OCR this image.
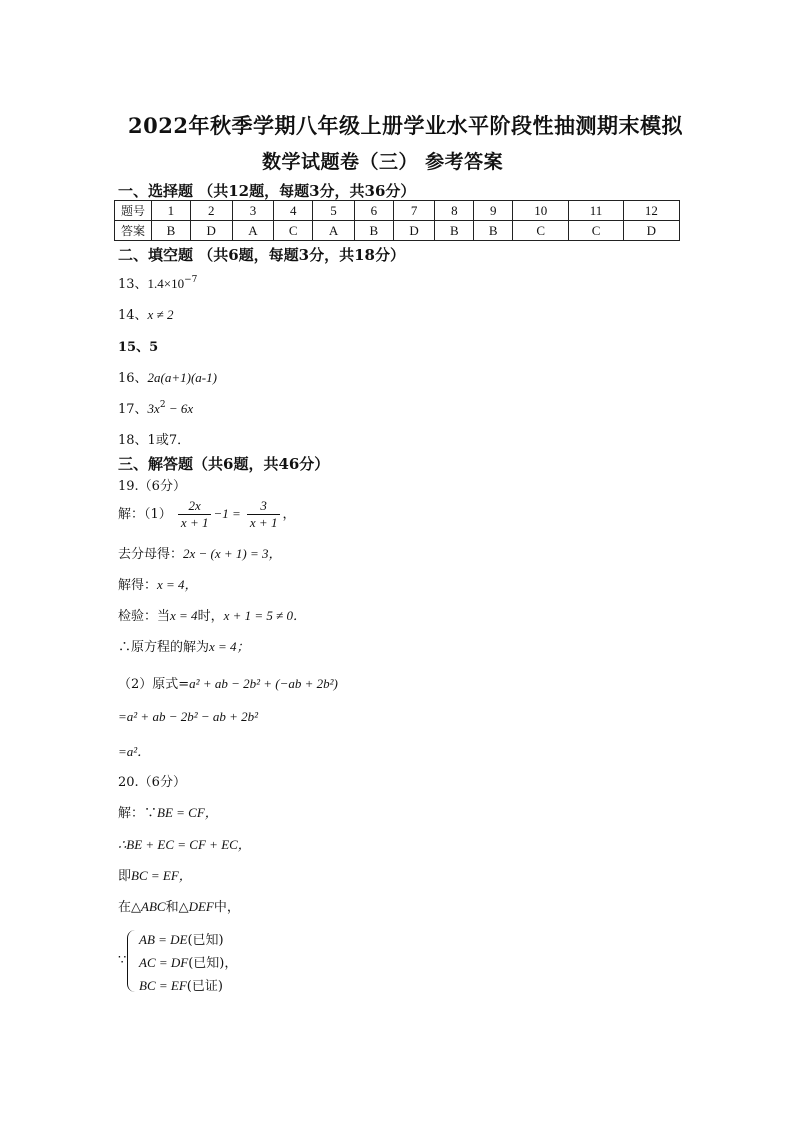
2022年秋季学期八年级上册学业水平阶段性抽测期末模拟
数学试题卷（三） 参考答案
一、选择题 （共12题，每题3分，共36分）
题号	1	2	3	4	5	6	7	8	9	10	11	12
答案	B	D	A	C	A	B	D	B	B	C	C	D
二、填空题 （共6题，每题3分，共18分）
13、$1.4\times 10^{-7}$
14、x ≠ 2
15、5
16、2a(a+1)(a-1)
17、$3x^2 - 6x$
18、1或7．
三、解答题（共6题，共46分）
19.（6分）
解：$(1) \frac{2x}{x + 1} -1 = \frac{3}{x + 1}$ ，
去分母得：2x − (x + 1) = 3，
解得：x = 4，
检验：当x = 4时，x + 1 = 5 ≠ 0．
∴原方程的解为x = 4；
（2）原式=a² + ab − 2b² + (−ab + 2b²)
=a² + ab − 2b² − ab + 2b²
=a²．
20.（6分）
解：∵BE = CF，
∴BE + EC = CF + EC，
即BC = EF，
在△ABC和△DEF中，
∵
AB = DE(已知)
AC = DF(已知)，
BC = EF(已证)
